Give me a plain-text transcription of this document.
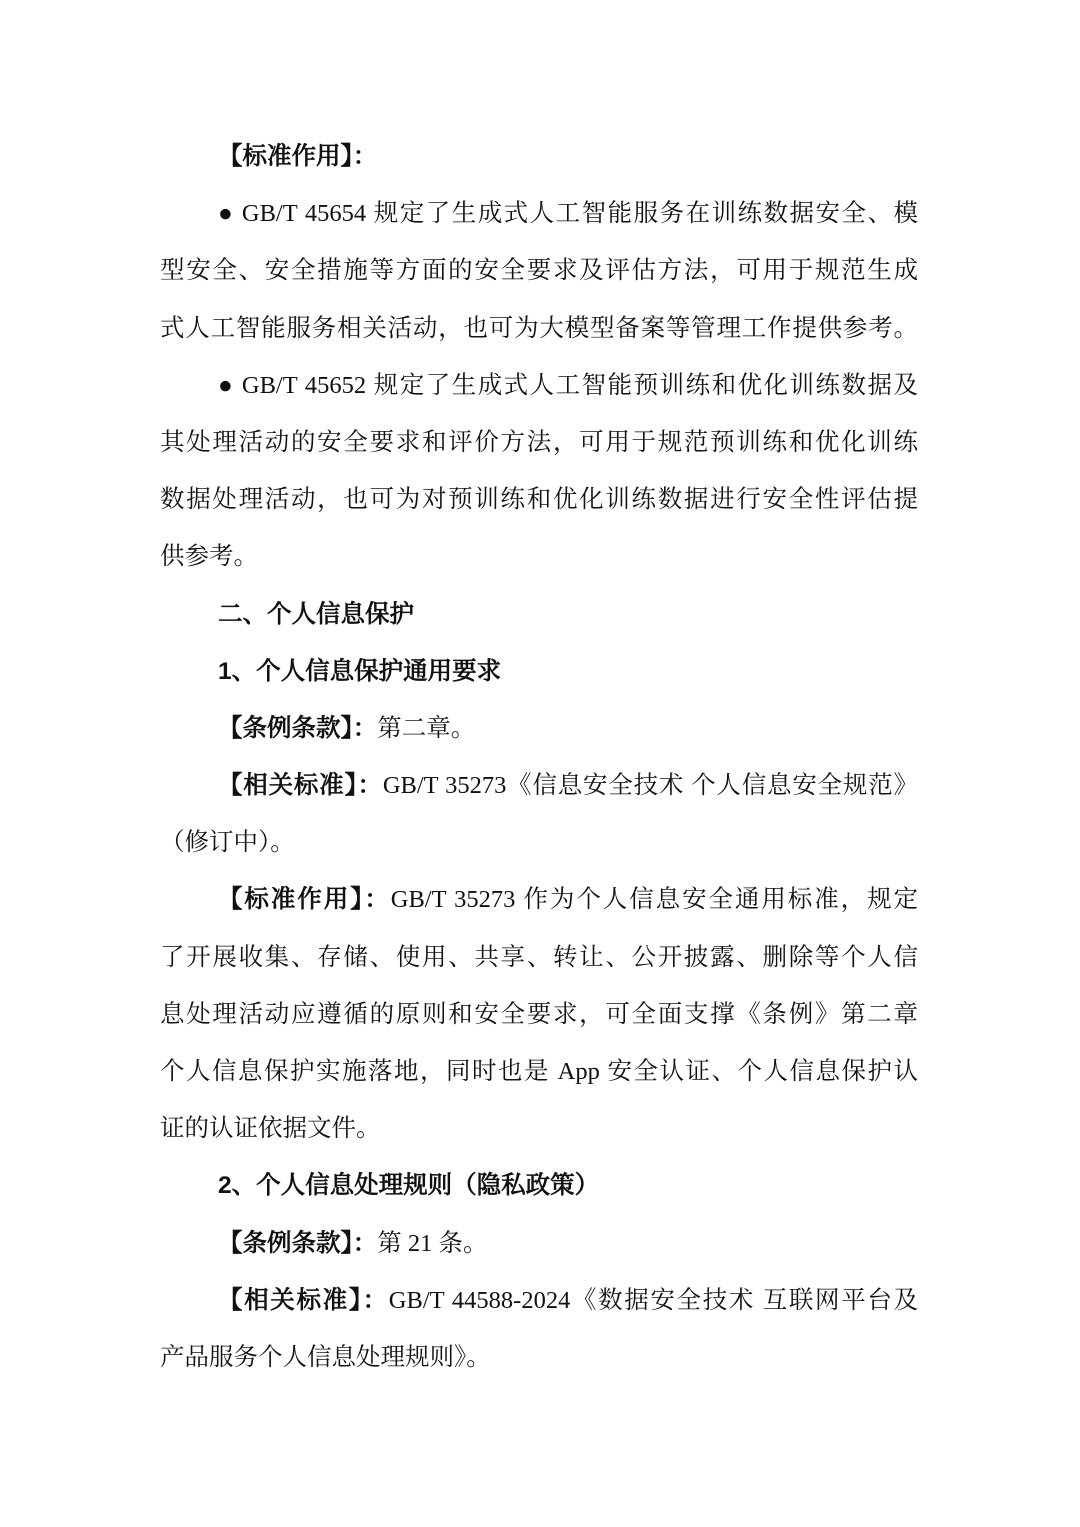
【标准作用】：
● GB/T 45654 规定了生成式人工智能服务在训练数据安全、模
型安全、安全措施等方面的安全要求及评估方法，可用于规范生成
式人工智能服务相关活动，也可为大模型备案等管理工作提供参考。
● GB/T 45652 规定了生成式人工智能预训练和优化训练数据及
其处理活动的安全要求和评价方法，可用于规范预训练和优化训练
数据处理活动，也可为对预训练和优化训练数据进行安全性评估提
供参考。
二、个人信息保护
1、个人信息保护通用要求
【条例条款】：第二章。
【相关标准】：GB/T 35273《信息安全技术 个人信息安全规范》
（修订中）。
【标准作用】：GB/T 35273 作为个人信息安全通用标准，规定
了开展收集、存储、使用、共享、转让、公开披露、删除等个人信
息处理活动应遵循的原则和安全要求，可全面支撑《条例》第二章
个人信息保护实施落地，同时也是 App 安全认证、个人信息保护认
证的认证依据文件。
2、个人信息处理规则（隐私政策）
【条例条款】：第 21 条。
【相关标准】：GB/T 44588-2024《数据安全技术 互联网平台及
产品服务个人信息处理规则》。
